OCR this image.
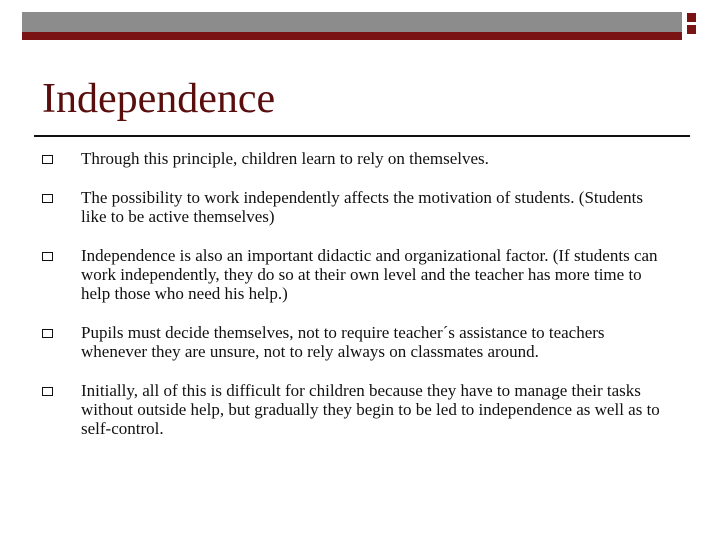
Independence
Through this principle, children learn to rely on themselves.
The possibility to work independently affects the motivation of students. (Students like to be active themselves)
Independence is also an important didactic and organizational factor. (If students can work independently, they do so at their own level and the teacher has more time to help those who need his help.)
Pupils must decide themselves, not to require teacher´s assistance to teachers whenever they are unsure, not to rely always on classmates around.
Initially, all of this is difficult for children because they have to manage their tasks without outside help, but gradually they begin to be led to independence as well as to self-control.
